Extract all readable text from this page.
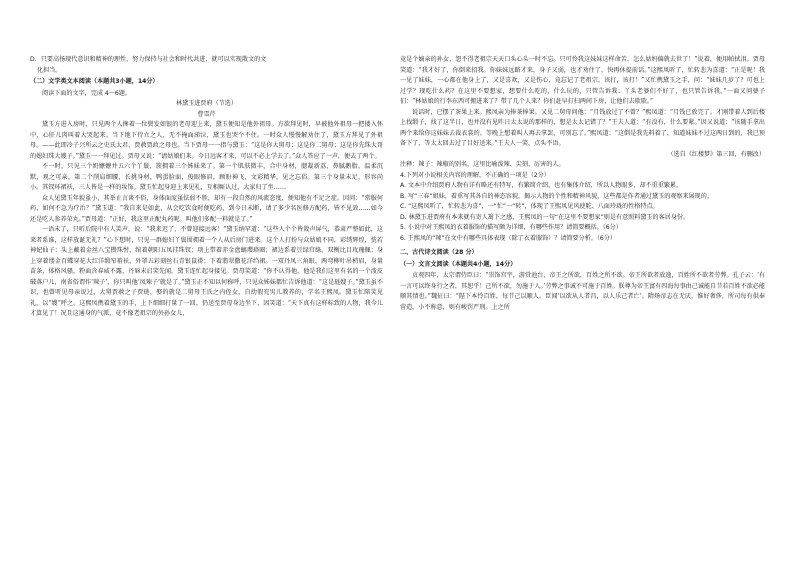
D．只要高扬现代意识和精神的理性，努力保持与社会和时代共进，就可以实现散文的文

化担当。

（二）文学类文本阅读（本题共3小题，14分）

阅读下面的文字，完成 4～6题。

林黛玉进贾府（节选）

曹雪芹

黛玉方进入房时，只见两个人搀着一位鬓发如银的老母迎上来，黛玉便知是他外祖母。方欲拜见时，早被他外祖母一把搂入怀中，心肝儿肉叫着大哭起来。当下地下侍立之人，无不掩面涕泣，黛玉也哭个不住。一时众人慢慢解劝住了，黛玉方拜见了外祖母。——此即冷子兴所云之史氏太君，贾赦贾政之母也。当下贾母一一指与黛玉：“这是你大舅母；这是你二舅母；这是你先珠大哥的媳妇珠大嫂子。”黛玉一一拜见过。贾母又说：“请姑娘们来。今日远客才来，可以不必上学去了。”众人答应了一声，便去了两个。

不一时，只见三个奶嬷嬷并五六个丫鬟，簇拥着三个姊妹来了。第一个肌肤微丰，合中身材，腮凝新荔，鼻腻鹅脂，温柔沉默，观之可亲。第二个削肩细腰，长挑身材，鸭蛋脸面，俊眼修眉，顾盼神飞，文彩精华，见之忘俗。第三个身量未足，形容尚小。其钗环裙袄，三人皆是一样的妆饰。黛玉忙起身迎上来见礼，互相厮认过，大家归了坐……

众人见黛玉年貌虽小，其举止言谈不俗，身体面庞虽怯弱不胜，却有一段自然的风流态度，便知他有不足之症。因问：“常服何药，如何不急为疗治？”黛玉道：“我自来是如此，从会吃饮食时便吃药，到今日未断，请了多少名医修方配药，皆不见效……如今还是吃人参养荣丸。”贾母道：“正好，我这里正配丸药呢。叫他们多配一料就是了。”

一语未了，只听后院中有人笑声，说：“我来迟了，不曾迎接远客！”黛玉纳罕道：“这些人个个皆敛声屏气，恭肃严整如此，这来者系谁，这样放诞无礼？”心下想时，只见一群媳妇丫鬟围拥着一个人从后房门进来。这个人打扮与众姑娘不同，彩绣辉煌，恍若神妃仙子：头上戴着金丝八宝攒珠髻，绾着朝阳五凤挂珠钗；项上带着赤金盘螭璎珞圈；裙边系着豆绿宫绦，双衡比目玫瑰佩；身上穿着缕金百蝶穿花大红洋缎窄褃袄，外罩五彩刻丝石青银鼠褂；下着翡翠撒花洋绉裙。一双丹凤三角眼，两弯柳叶吊梢眉，身量苗条，体格风骚，粉面含春威不露，丹唇未启笑先闻。黛玉连忙起身接见。贾母笑道：“你不认得他，他是我们这里有名的一个泼皮破落户儿，南省俗谓作‘辣子’，你只叫他‘凤辣子’就是了。”黛玉正不知以何称呼，只见众姊妹都忙告诉他道：“这是琏嫂子。”黛玉虽不识，也曾听见母亲说过，大舅贾赦之子贾琏，娶的就是二舅母王氏之内侄女，自幼假充男儿教养的，学名王熙凤。黛玉忙陪笑见礼，以“嫂”呼之。这熙凤携着黛玉的手，上下细细打量了一回，仍送至贾母身边坐下，因笑道：“天下真有这样标致的人物，我今儿才算见了！况且这通身的气派，竟不像老祖宗的外孙女儿，

竟是个嫡亲的孙女，怨不得老祖宗天天口头心头一时不忘。只可怜我这妹妹这样命苦，怎么姑妈偏就去世了！”说着，便用帕拭泪。贾母笑道：“我才好了，你倒来招我。你妹妹远路才来，身子又弱，也才劝住了，快再休提前话。”这熙凤听了，忙转悲为喜道：“正是呢！我一见了妹妹，一心都在他身上了，又是喜欢，又是伤心，竟忘记了老祖宗。该打，该打！”又忙携黛玉之手，问：“妹妹几岁了？可也上过学？现吃什么药？在这里不要想家，想要什么吃的、什么玩的，只管告诉我；丫头老婆们不好了，也只管告诉我。”一面又问婆子们：“林姑娘的行李东西可搬进来了？带了几个人来？你们赶早打扫两间下房，让他们去歇歇。”

说话时，已摆了茶果上来。熙凤亲为捧茶捧果。又见二舅母问他：“月钱放过了不曾？”熙凤道：“月钱已放完了。才刚带着人到后楼上找缎子，找了这半日，也并没有见昨日太太说的那样的，想是太太记错了？”王夫人道：“有没有，什么要紧。”因又说道：“该随手拿出两个来给你这妹妹去裁衣裳的。等晚上想着叫人再去拿罢，可别忘了。”熙凤道：“这倒是我先料着了，知道妹妹不过这两日到的，我已预备下了，等太太回去过了目好送来。”王夫人一笑，点头不语。

（选自《红楼梦》第三回，有删改）

注释：辣子：辣椒的别名，这里比喻泼辣、尖刻、厉害的人。

4.下列对小说相关内容的理解，不正确的一项是（2分）

A. 文本中介绍贾府人物有详有略还有特写，有繁简介绍，也有集体介绍，所以人物眼多，却不重重繁累。

B. 写“三春”姐妹，着重写其各自的神态容貌，揭示人物的个性和精神风貌，这些都是作者通过黛玉的观察来展现的。

C. “这熙凤听了，忙转悲为喜”，一“忙”一“转”，体现了王熙凤见风使舵、八面玲珑的性格特点。

D. 林黛玉进贾府有本来就有寄人篱下之感，王熙凤的一句“在这里不要想家”则是有意照料黛玉的客居身份。

5. 小说中对王熙凤的衣着服饰的描写颇为详细，有哪些作用？请简要概括。（6分）

6. 王熙凤的“辣”在文中有哪些具体表现（除了衣着服饰）？请简要分析。（6分）

二、古代诗文阅读（28 分）

（一）文言文阅读（本题共4小题，14分）

贞观四年，太宗谓侍臣曰：“崇饰宫宇，游赏池台，帝王之所欲，百姓之所不欲。帝王所欲者放逸，百姓所不欲者劳弊。孔子云：‘有一言可以终身行之者，其恕乎！己所不欲，勿施于人。’劳弊之事诚不可施于百姓。朕尊为帝王富有四海每事由己诚能自节若百姓不欲必能顺其情也。”魏征曰：“陛下本怜百姓，每节己以顺人。臣闻‘以欲从人者昌，以人乐己者亡’。隋炀帝志在无厌，惟好奢侈，所司每有供奉营造，小不称意，则有峻罚严刑。上之所
